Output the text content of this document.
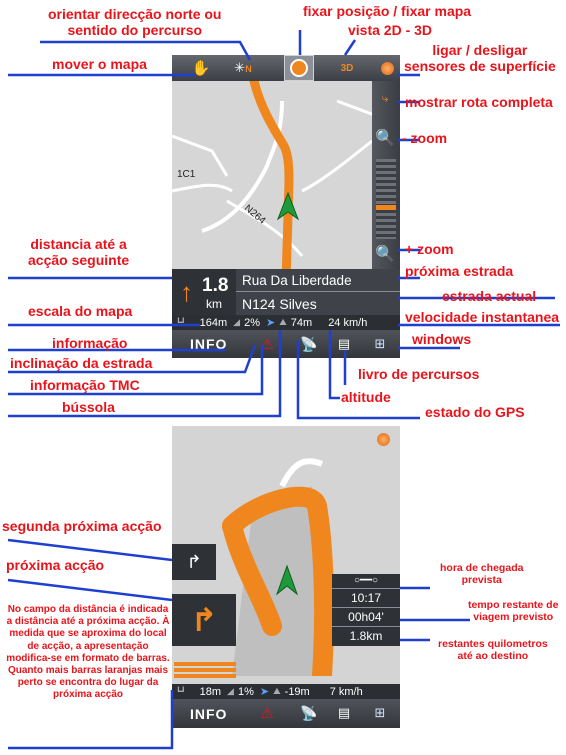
1C1
N264
✋ ✳N	3D
⤷
🔍
🔍
↑ 1.8
km
Rua Da Liberdade
N124 Silves
┗┛ 164m ◢ 2% ➤ ⛰ 74m 24 km/h
INFO ⚠	📡 ▤	⊞
↱
↱
○━━○
10:17
00h04'
1.8km
┗┛ 18m ◢ 1% ➤ ⛰ -19m 7 km/h
INFO ⚠	📡 ▤	⊞
orientar direcção norte ou
sentido do percurso
fixar posição / fixar mapa
vista 2D - 3D
mover o mapa
ligar / desligar
sensores de superfície
mostrar rota completa
- zoom
distancia até a
acção seguinte
+ zoom
próxima estrada
estrada actual
escala do mapa	velocidade instantanea
informação	windows
inclinação da estrada
livro de percursos
informação TMC
altitude
bússola	estado do GPS
segunda próxima acção
próxima acção	hora de chegada
prevista
tempo restante de
viagem previsto
restantes quilometros
até ao destino
No campo da distância é indicada a distância até a próxima acção. À medida que se aproxima do local de acção, a apresentação modifica-se em formato de barras. Quanto mais barras laranjas mais perto se encontra do lugar da próxima acção
